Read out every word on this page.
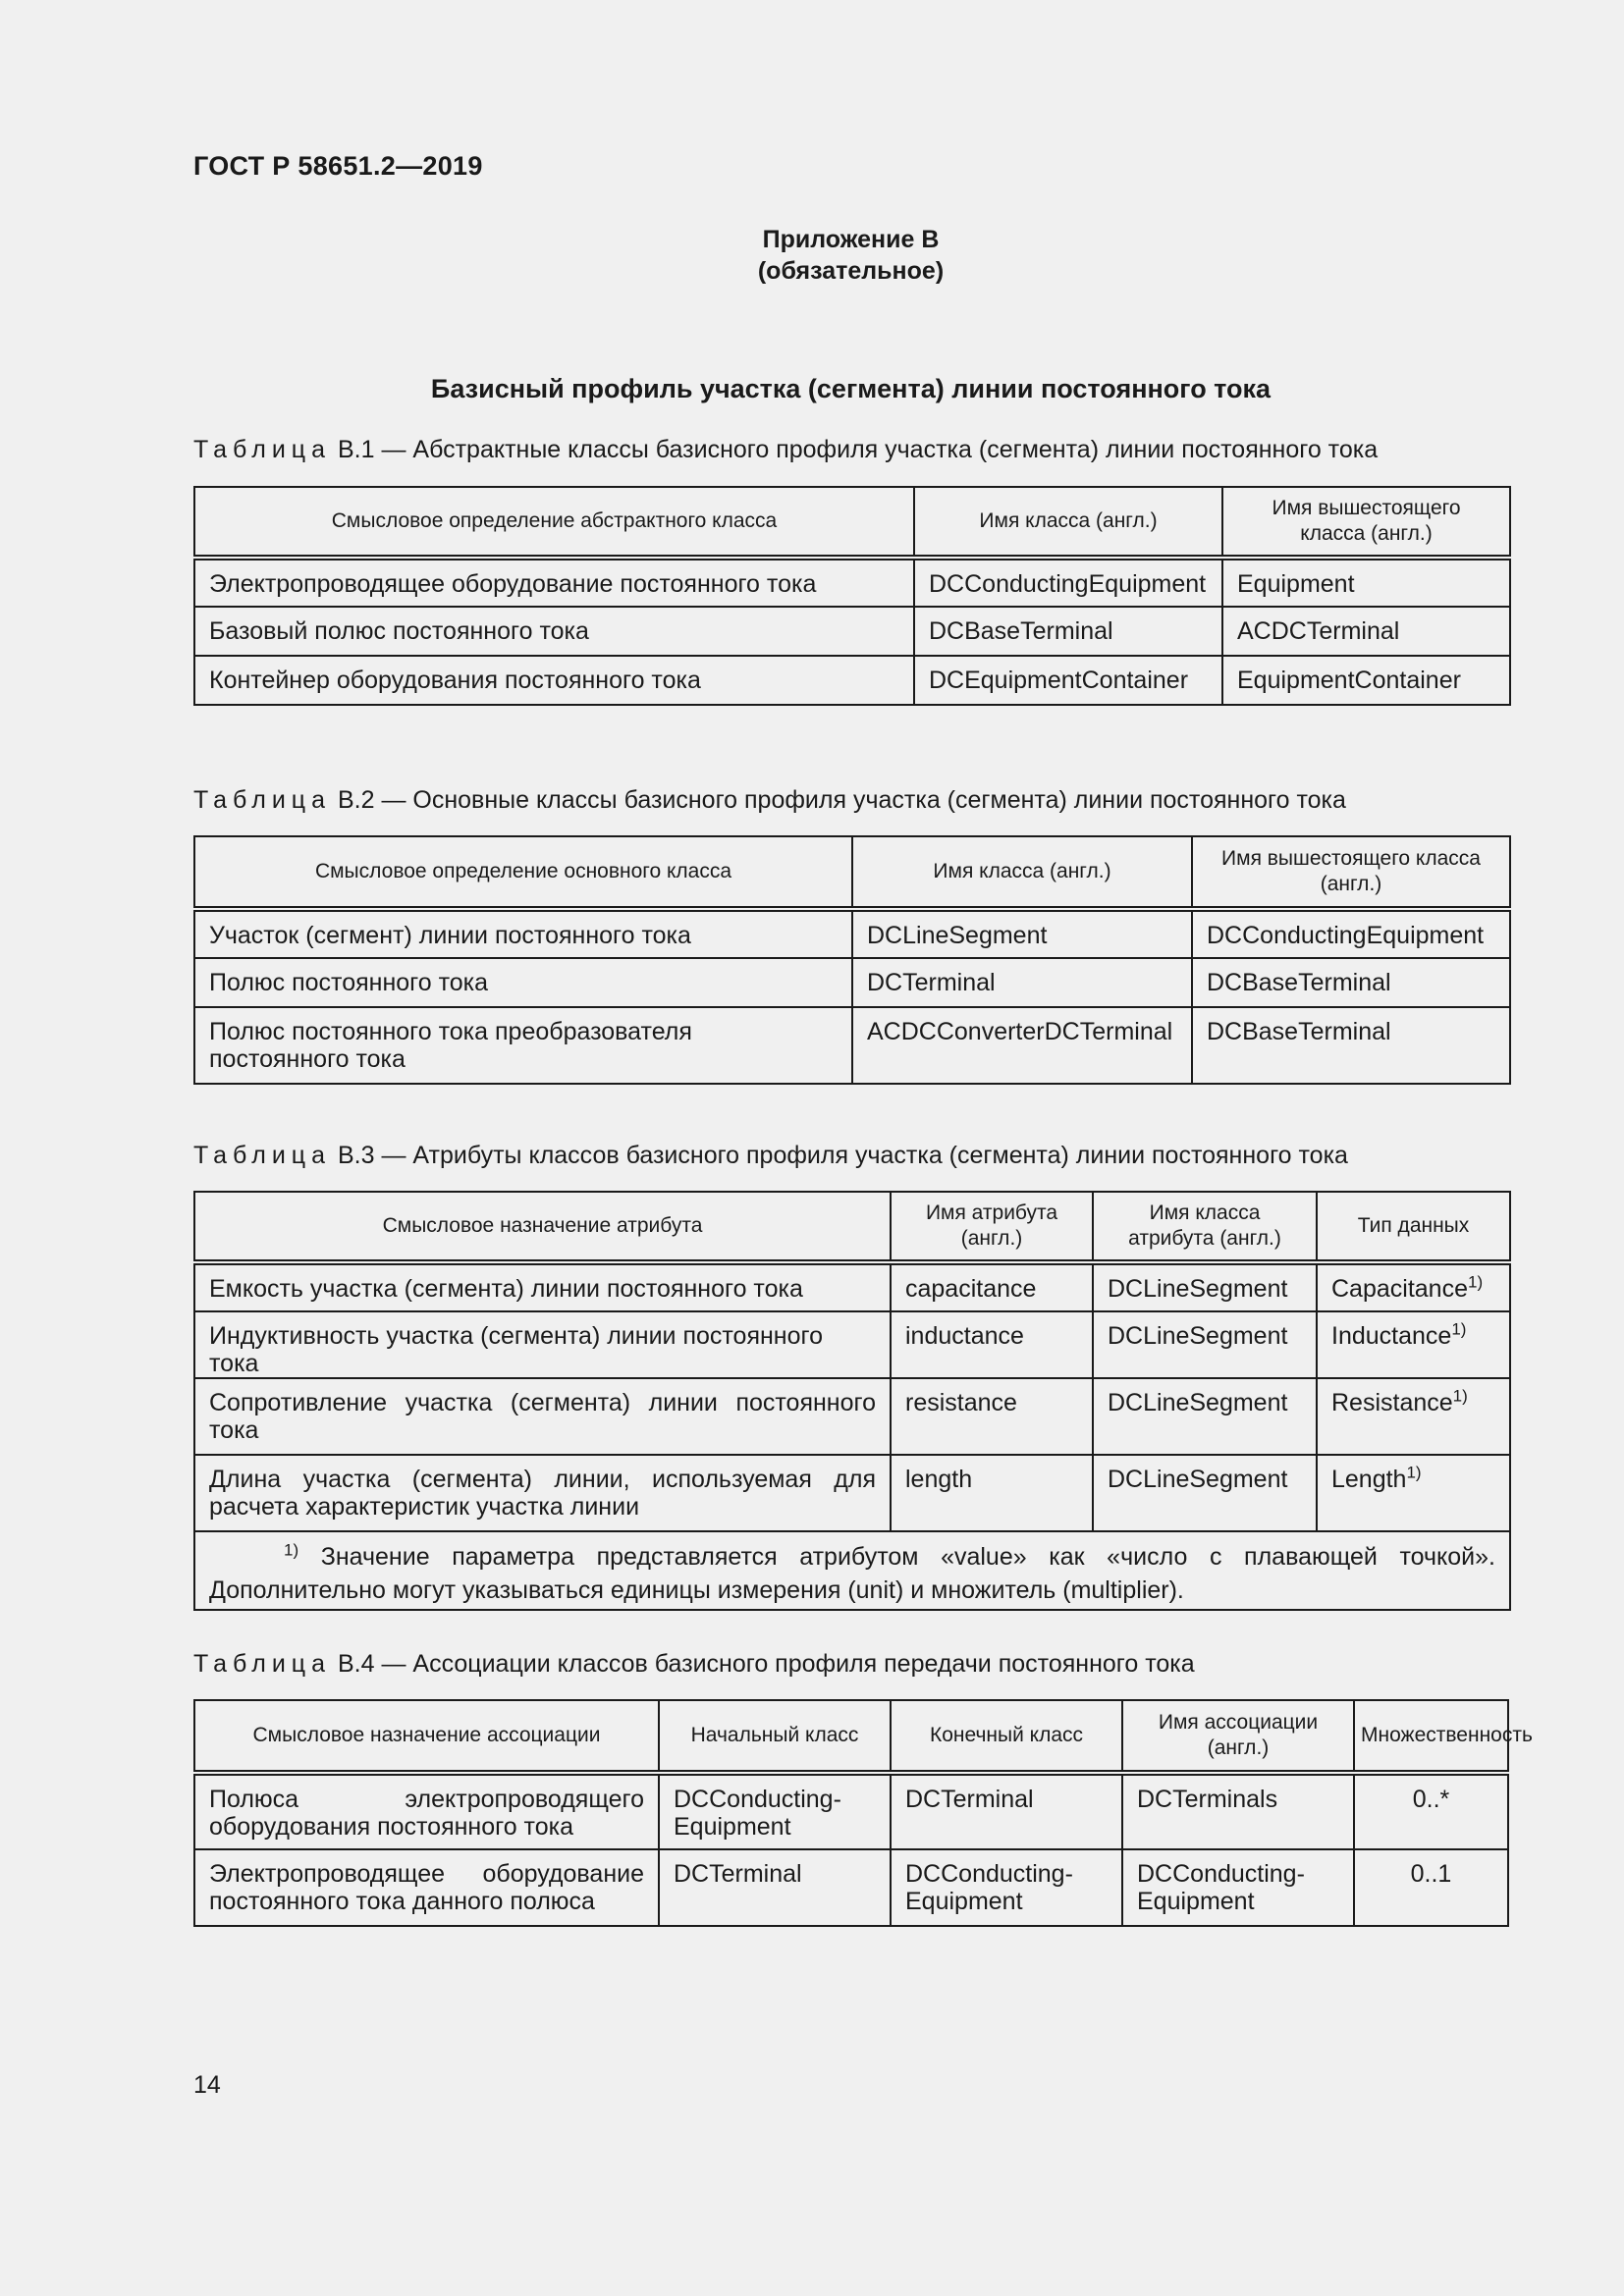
ГОСТ Р 58651.2—2019
Приложение В
(обязательное)
Базисный профиль участка (сегмента) линии постоянного тока
Таблица В.1 — Абстрактные классы базисного профиля участка (сегмента) линии постоянного тока
Смысловое определение абстрактного класса	Имя класса (англ.)	Имя вышестоящего класса (англ.)
Электропроводящее оборудование постоянного тока	DCConductingEquipment	Equipment
Базовый полюс постоянного тока	DCBaseTerminal	ACDCTerminal
Контейнер оборудования постоянного тока	DCEquipmentContainer	EquipmentContainer
Таблица В.2 — Основные классы базисного профиля участка (сегмента) линии постоянного тока
Смысловое определение основного класса	Имя класса (англ.)	Имя вышестоящего класса (англ.)
Участок (сегмент) линии постоянного тока	DCLineSegment	DCConductingEquipment
Полюс постоянного тока	DCTerminal	DCBaseTerminal
Полюс постоянного тока преобразователя постоянного тока	ACDCConverterDCTerminal	DCBaseTerminal
Таблица В.3 — Атрибуты классов базисного профиля участка (сегмента) линии постоянного тока
Смысловое назначение атрибута	Имя атрибута (англ.)	Имя класса атрибута (англ.)	Тип данных
Емкость участка (сегмента) линии постоянного тока	capacitance	DCLineSegment	Capacitance$^{1)}$
Индуктивность участка (сегмента) линии постоянного тока	inductance	DCLineSegment	Inductance$^{1)}$
Сопротивление участка (сегмента) линии постоянного тока	resistance	DCLineSegment	Resistance$^{1)}$
Длина участка (сегмента) линии, используемая для расчета характеристик участка линии	length	DCLineSegment	Length$^{1)}$
$^{1)}$ Значение параметра представляется атрибутом «value» как «число с плавающей точкой». Дополнительно могут указываться единицы измерения (unit) и множитель (multiplier).			
Таблица В.4 — Ассоциации классов базисного профиля передачи постоянного тока
Смысловое назначение ассоциации	Начальный класс	Конечный класс	Имя ассоциации (англ.)	Множественность
Полюса электропроводящего оборудования постоянного тока	DCConducting-Equipment	DCTerminal	DCTerminals	0..*
Электропроводящее оборудование постоянного тока данного полюса	DCTerminal	DCConducting-Equipment	DCConducting-Equipment	0..1
14
